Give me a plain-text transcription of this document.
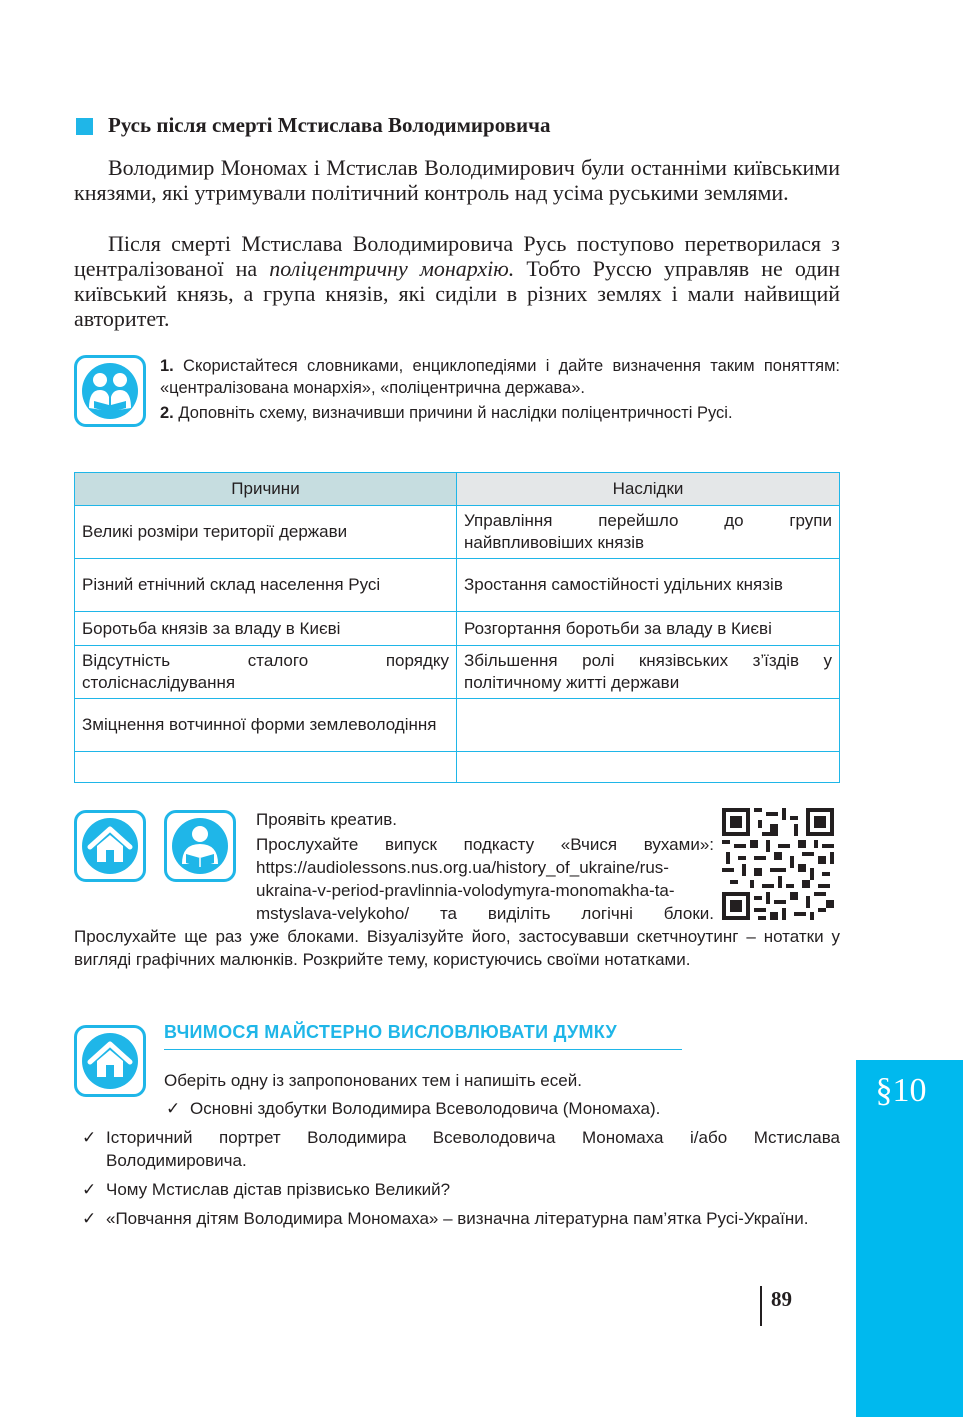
Русь після смерті Мстислава Володимировича
Володимир Мономах і Мстислав Володимирович були останніми київськими князями, які утримували політичний контроль над усіма руськими землями.
Після смерті Мстислава Володимировича Русь поступово перетворилася з централізованої на поліцентричну монархію. Тобто Руссю управляв не один київський князь, а група князів, які сиділи в різних землях і мали найвищий авторитет.

1. Скористайтеся словниками, енциклопедіями і дайте визначення таким поняттям: «централізована монархія», «поліцентрична держава».

2. Доповніть схему, визначивши причини й наслідки поліцентричності Русі.

Причини	Наслідки
Великі розміри території держави	Управління перейшло до групи найвпливовіших князів
Різний етнічний склад населення Русі	Зростання самостійності удільних князів
Боротьба князів за владу в Києві	Розгортання боротьби за владу в Києві
Відсутність сталого порядку століснаслідування	Збільшення ролі князівських з’їздів у політичному житті держави
Зміцнення вотчинної форми землеволодіння	

Проявіть креатив.

Прослухайте випуск подкасту «Вчися вухами»: https://audiolessons.nus.org.ua/history_of_ukraine/rus-ukraina-v-period-pravlinnia-volodymyra-monomakha-ta-mstyslava-velykoho/ та виділіть логічні блоки. Прослухайте ще раз уже блоками. Візуалізуйте його, застосувавши скетчноутинг – нотатки у вигляді графічних малюнків. Розкрийте тему, користуючись своїми нотатками.

ВЧИМОСЯ МАЙСТЕРНО ВИСЛОВЛЮВАТИ ДУМКУ
Оберіть одну із запропонованих тем і напишіть есей.
✓ Основні здобутки Володимира Всеволодовича (Мономаха).
✓ Історичний портрет Володимира Всеволодовича Мономаха і/або Мстислава Володимировича.
✓ Чому Мстислав дістав прізвисько Великий?
✓ «Повчання дітям Володимира Мономаха» – визначна літературна пам’ятка Русі-України.
§10
89
